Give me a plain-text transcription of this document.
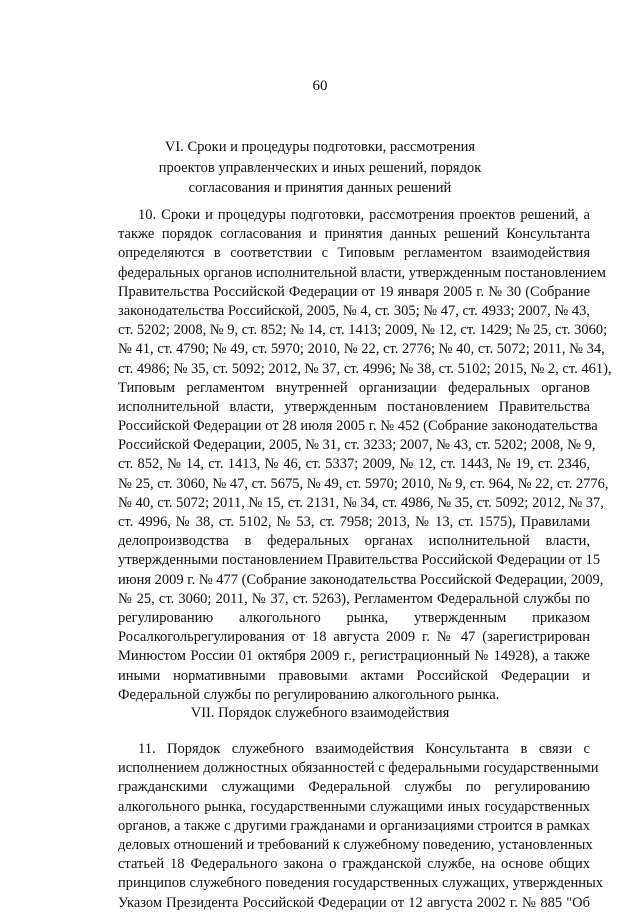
60
VI. Сроки и процедуры подготовки, рассмотрения
проектов управленческих и иных решений, порядок
согласования и принятия данных решений
10. Сроки и процедуры подготовки, рассмотрения проектов решений, а
также порядок согласования и принятия данных решений Консультанта
определяются в соответствии с Типовым регламентом взаимодействия
федеральных органов исполнительной власти, утвержденным постановлением
Правительства Российской Федерации от 19 января 2005 г. № 30 (Собрание
законодательства Российской, 2005, № 4, ст. 305; № 47, ст. 4933; 2007, № 43,
ст. 5202; 2008, № 9, ст. 852; № 14, ст. 1413; 2009, № 12, ст. 1429; № 25, ст. 3060;
№ 41, ст. 4790; № 49, ст. 5970; 2010, № 22, ст. 2776; № 40, ст. 5072; 2011, № 34,
ст. 4986; № 35, ст. 5092; 2012, № 37, ст. 4996; № 38, ст. 5102; 2015, № 2, ст. 461),
Типовым регламентом внутренней организации федеральных органов
исполнительной власти, утвержденным постановлением Правительства
Российской Федерации от 28 июля 2005 г. № 452 (Собрание законодательства
Российской Федерации, 2005, № 31, ст. 3233; 2007, № 43, ст. 5202; 2008, № 9,
ст. 852, № 14, ст. 1413, № 46, ст. 5337; 2009, № 12, ст. 1443, № 19, ст. 2346,
№ 25, ст. 3060, № 47, ст. 5675, № 49, ст. 5970; 2010, № 9, ст. 964, № 22, ст. 2776,
№ 40, ст. 5072; 2011, № 15, ст. 2131, № 34, ст. 4986, № 35, ст. 5092; 2012, № 37,
ст. 4996, № 38, ст. 5102, № 53, ст. 7958; 2013, № 13, ст. 1575), Правилами
делопроизводства в федеральных органах исполнительной власти,
утвержденными постановлением Правительства Российской Федерации от 15
июня 2009 г. № 477 (Собрание законодательства Российской Федерации, 2009,
№ 25, ст. 3060; 2011, № 37, ст. 5263), Регламентом Федеральной службы по
регулированию алкогольного рынка, утвержденным приказом
Росалкогольрегулирования от 18 августа 2009 г. № 47 (зарегистрирован
Минюстом России 01 октября 2009 г., регистрационный № 14928), а также
иными нормативными правовыми актами Российской Федерации и
Федеральной службы по регулированию алкогольного рынка.
VII. Порядок служебного взаимодействия
11. Порядок служебного взаимодействия Консультанта в связи с
исполнением должностных обязанностей с федеральными государственными
гражданскими служащими Федеральной службы по регулированию
алкогольного рынка, государственными служащими иных государственных
органов, а также с другими гражданами и организациями строится в рамках
деловых отношений и требований к служебному поведению, установленных
статьей 18 Федерального закона о гражданской службе, на основе общих
принципов служебного поведения государственных служащих, утвержденных
Указом Президента Российской Федерации от 12 августа 2002 г. № 885 "Об
